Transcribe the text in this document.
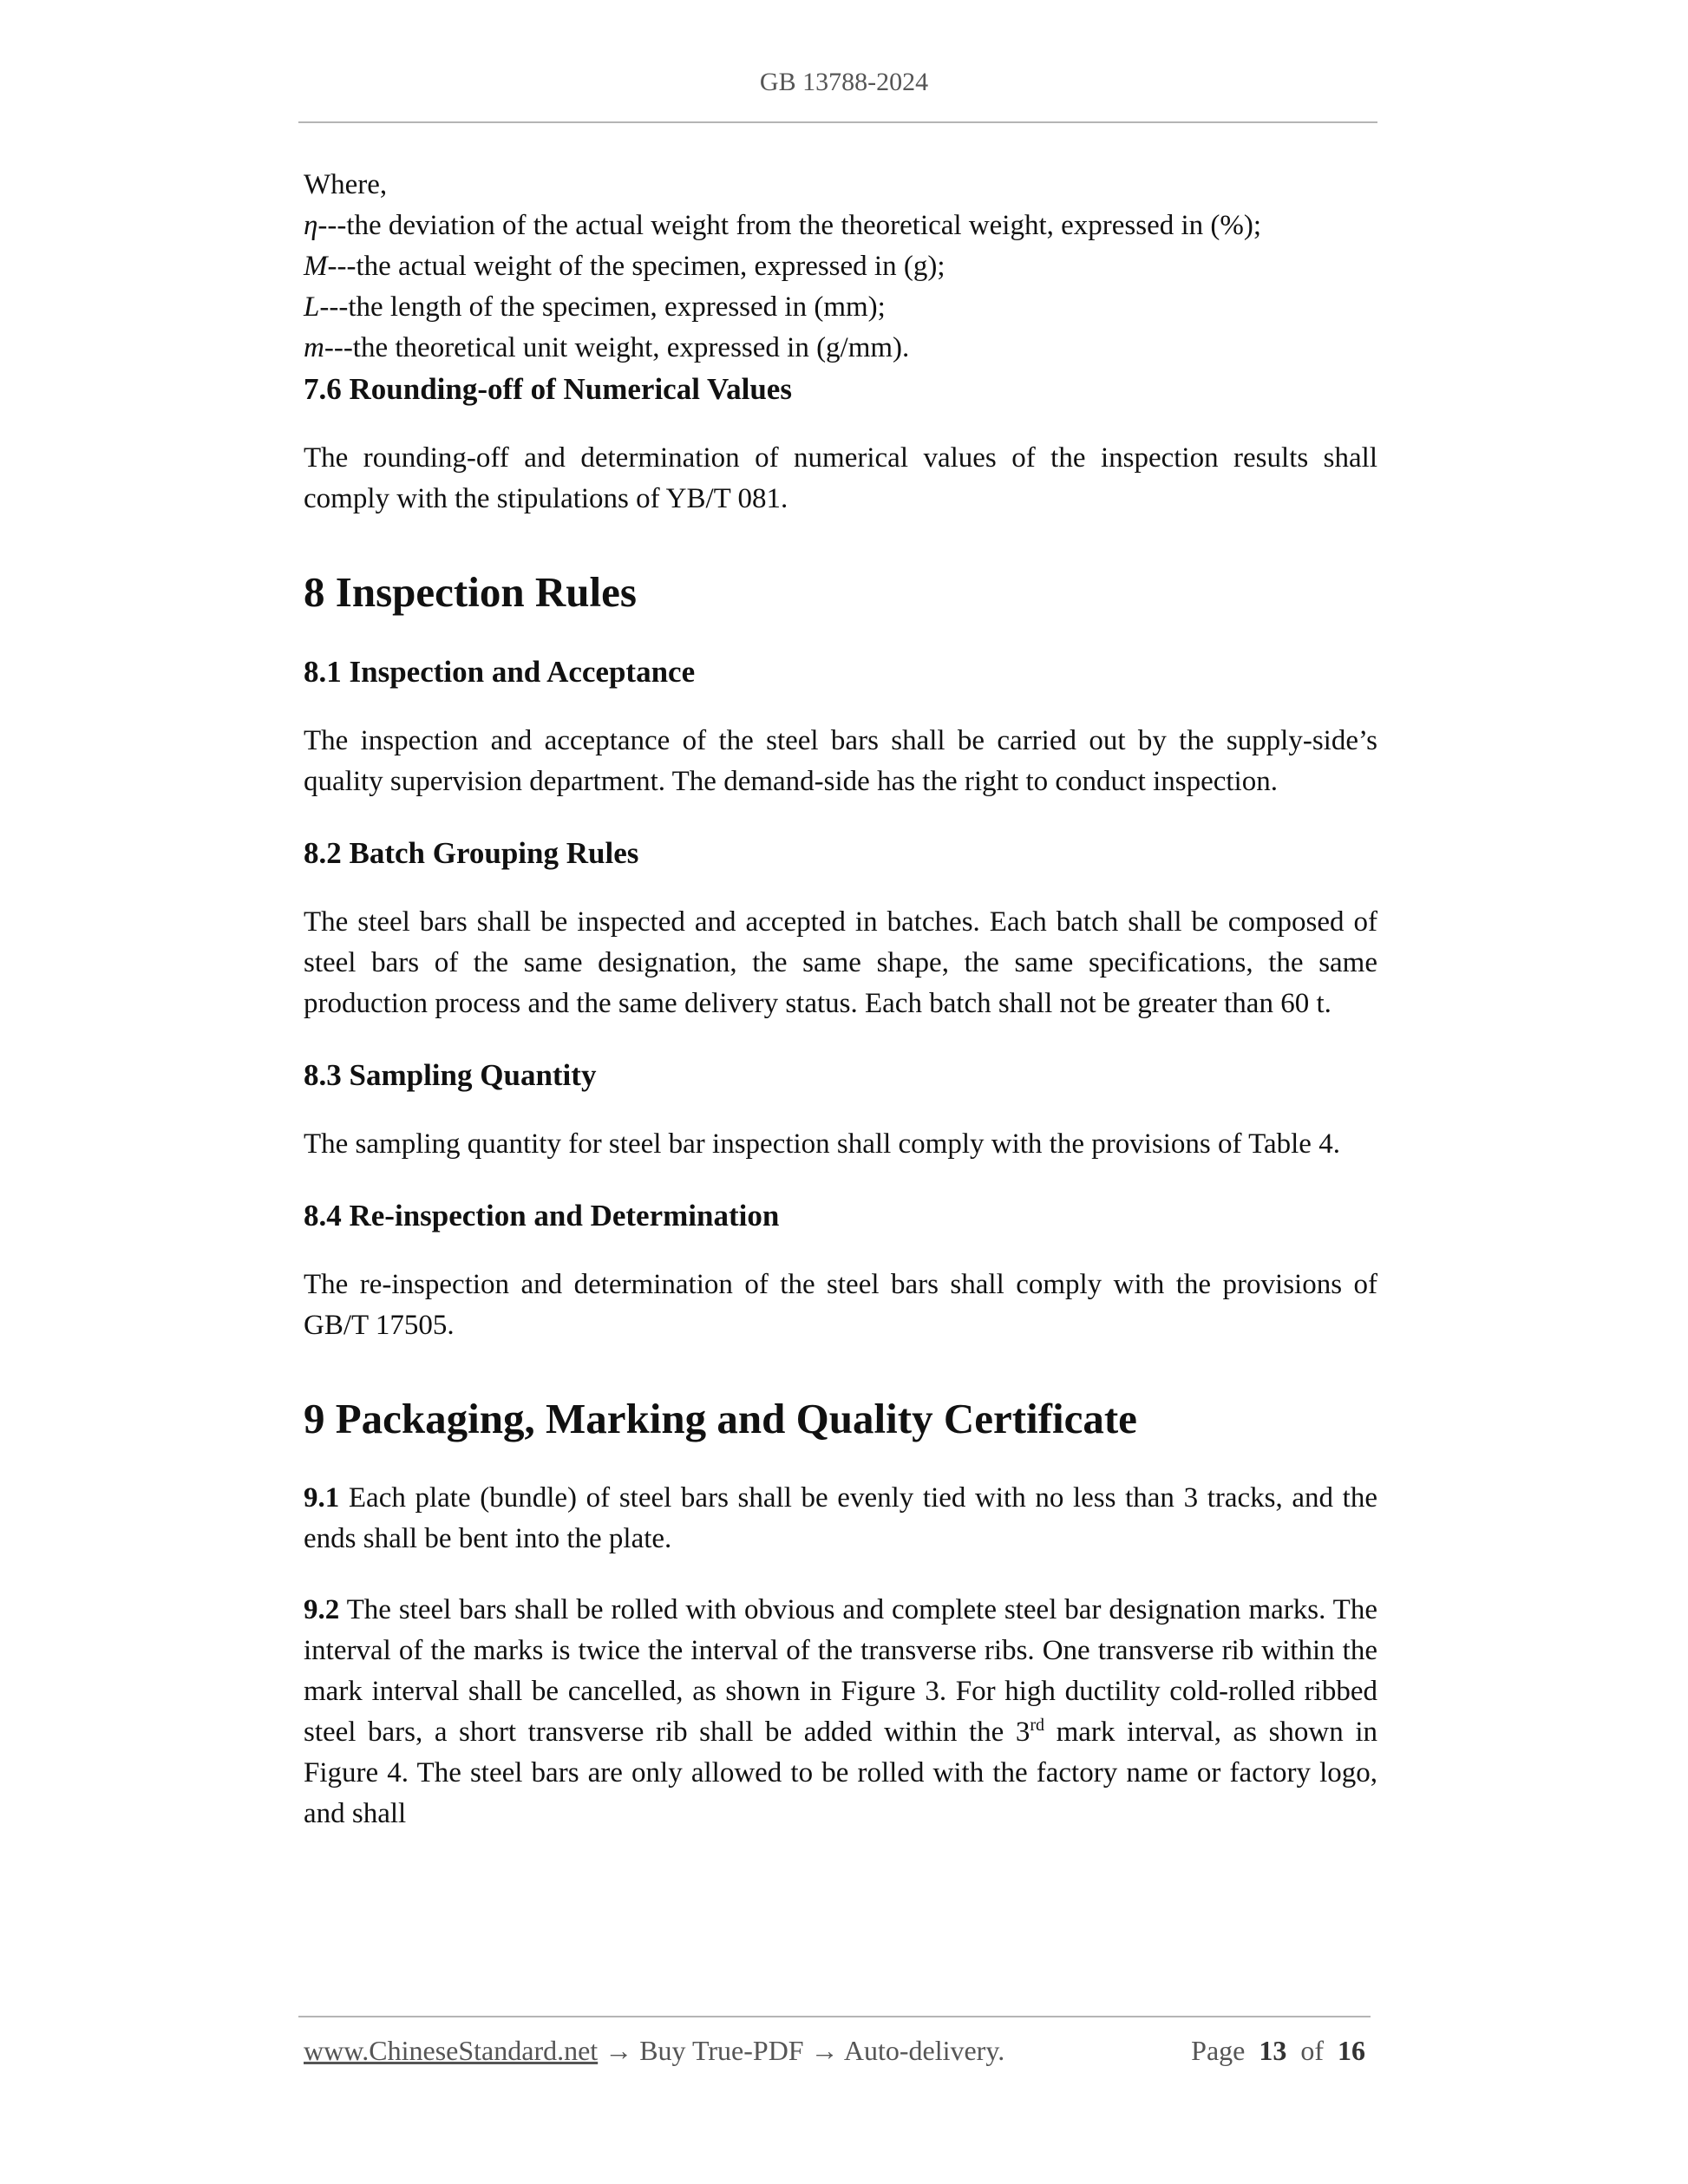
GB 13788-2024

Where,

η---the deviation of the actual weight from the theoretical weight, expressed in (%);

M---the actual weight of the specimen, expressed in (g);

L---the length of the specimen, expressed in (mm);

m---the theoretical unit weight, expressed in (g/mm).

7.6 Rounding-off of Numerical Values

The rounding-off and determination of numerical values of the inspection results shall comply with the stipulations of YB/T 081.

8 Inspection Rules
8.1 Inspection and Acceptance

The inspection and acceptance of the steel bars shall be carried out by the supply-side’s quality supervision department. The demand-side has the right to conduct inspection.

8.2 Batch Grouping Rules

The steel bars shall be inspected and accepted in batches. Each batch shall be composed of steel bars of the same designation, the same shape, the same specifications, the same production process and the same delivery status. Each batch shall not be greater than 60 t.

8.3 Sampling Quantity

The sampling quantity for steel bar inspection shall comply with the provisions of Table 4.

8.4 Re-inspection and Determination

The re-inspection and determination of the steel bars shall comply with the provisions of GB/T 17505.

9 Packaging, Marking and Quality Certificate

9.1 Each plate (bundle) of steel bars shall be evenly tied with no less than 3 tracks, and the ends shall be bent into the plate.

9.2 The steel bars shall be rolled with obvious and complete steel bar designation marks. The interval of the marks is twice the interval of the transverse ribs. One transverse rib within the mark interval shall be cancelled, as shown in Figure 3. For high ductility cold-rolled ribbed steel bars, a short transverse rib shall be added within the 3rd mark interval, as shown in Figure 4. The steel bars are only allowed to be rolled with the factory name or factory logo, and shall

www.ChineseStandard.net → Buy True-PDF → Auto-delivery.	Page 13 of 16
